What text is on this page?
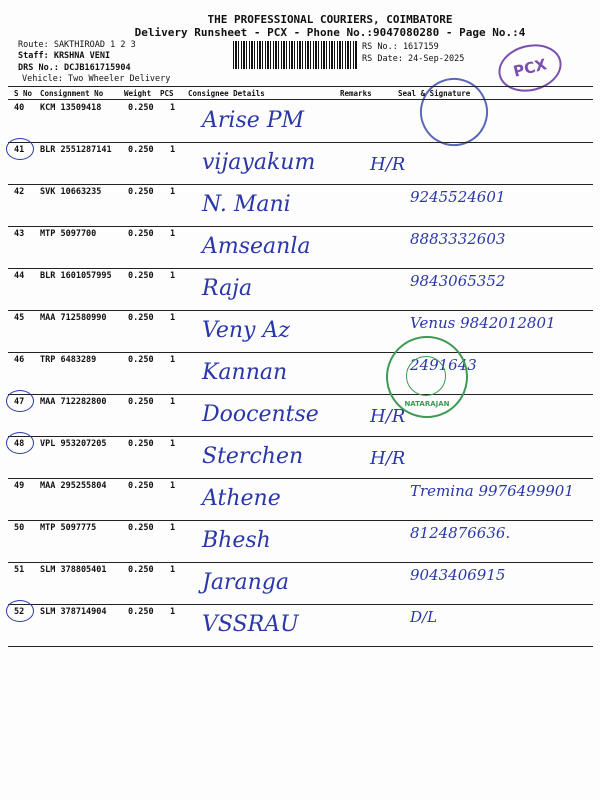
THE PROFESSIONAL COURIERS, COIMBATORE
Delivery Runsheet - PCX - Phone No.:9047080280 - Page No.:4
Route: SAKTHIROAD 1 2 3
Staff: KRSHNA VENI
DRS No.: DCJB161715904
Vehicle: Two Wheeler Delivery
RS No.: 1617159
RS Date: 24-Sep-2025	PCX
S No Consignment No	Weight PCS Consignee Details	Remarks	Seal & Signature
40 KCM 13509418	0.250 1 Arise PM
41 BLR 2551287141 0.250 1 vijayakum	H/R
42 SVK 10663235	0.250 1 N. Mani	9245524601
43 MTP 5097700	0.250 1 Amseanla	8883332603
44 BLR 1601057995 0.250 1 Raja	9843065352
45 MAA 712580990	0.250 1 Veny Az	Venus 9842012801
46 TRP 6483289	0.250 1 Kannan	2491643
47 MAA 712282800	0.250 1 Doocentse	H/R
48 VPL 953207205	0.250 1 Sterchen	H/R
49 MAA 295255804	0.250 1 Athene	Tremina 9976499901
50 MTP 5097775	0.250 1 Bhesh	8124876636.
51 SLM 378805401	0.250 1 Jaranga	9043406915
52 SLM 378714904	0.250 1 VSSRAU	D/L
NATARAJAN
